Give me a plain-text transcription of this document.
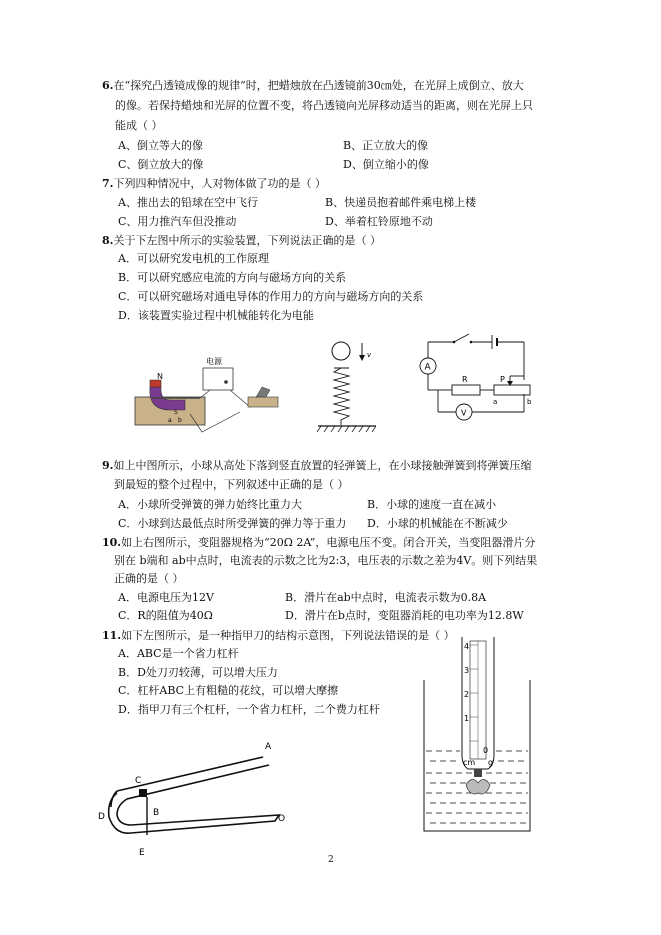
6.在“探究凸透镜成像的规律”时，把蜡烛放在凸透镜前30㎝处，在光屏上成倒立、放大
的像。若保持蜡烛和光屏的位置不变，将凸透镜向光屏移动适当的距离，则在光屏上只
能成（ ）
A、倒立等大的像	B、正立放大的像
C、倒立放大的像	D、倒立缩小的像
7.下列四种情况中，人对物体做了功的是（ ）
A、推出去的铅球在空中飞行	B、快递员抱着邮件乘电梯上楼
C、用力推汽车但没推动	D、举着杠铃原地不动
8.关于下左图中所示的实验装置，下列说法正确的是（ ）
A．可以研究发电机的工作原理
B．可以研究感应电流的方向与磁场方向的关系
C．可以研究磁场对通电导体的作用力的方向与磁场方向的关系
D．该装置实验过程中机械能转化为电能
N
S
a b
电源
v
A
V
R	P
a	b
9.如上中图所示，小球从高处下落到竖直放置的轻弹簧上，在小球接触弹簧到将弹簧压缩
到最短的整个过程中，下列叙述中正确的是（ ）
A．小球所受弹簧的弹力始终比重力大	B．小球的速度一直在减小
C．小球到达最低点时所受弹簧的弹力等于重力 D．小球的机械能在不断减少
10.如上右图所示，变阻器规格为“20Ω 2A”，电源电压不变。闭合开关，当变阻器滑片分
别在 b端和 ab中点时，电流表的示数之比为2:3，电压表的示数之差为4V。则下列结果
正确的是（ ）
A．电源电压为12V	B．滑片在ab中点时，电流表示数为0.8A
C．R的阻值为40Ω	D．滑片在b点时，变阻器消耗的电功率为12.8W
11.如下左图所示，是一种指甲刀的结构示意图，下列说法错误的是（ ）
A．ABC是一个省力杠杆
B．D处刀刃较薄，可以增大压力
C．杠杆ABC上有粗糙的花纹，可以增大摩擦
D．指甲刀有三个杠杆，一个省力杠杆，二个费力杠杆
C
A
B
D
E
O
4
3
2
1
0
cm g
2
